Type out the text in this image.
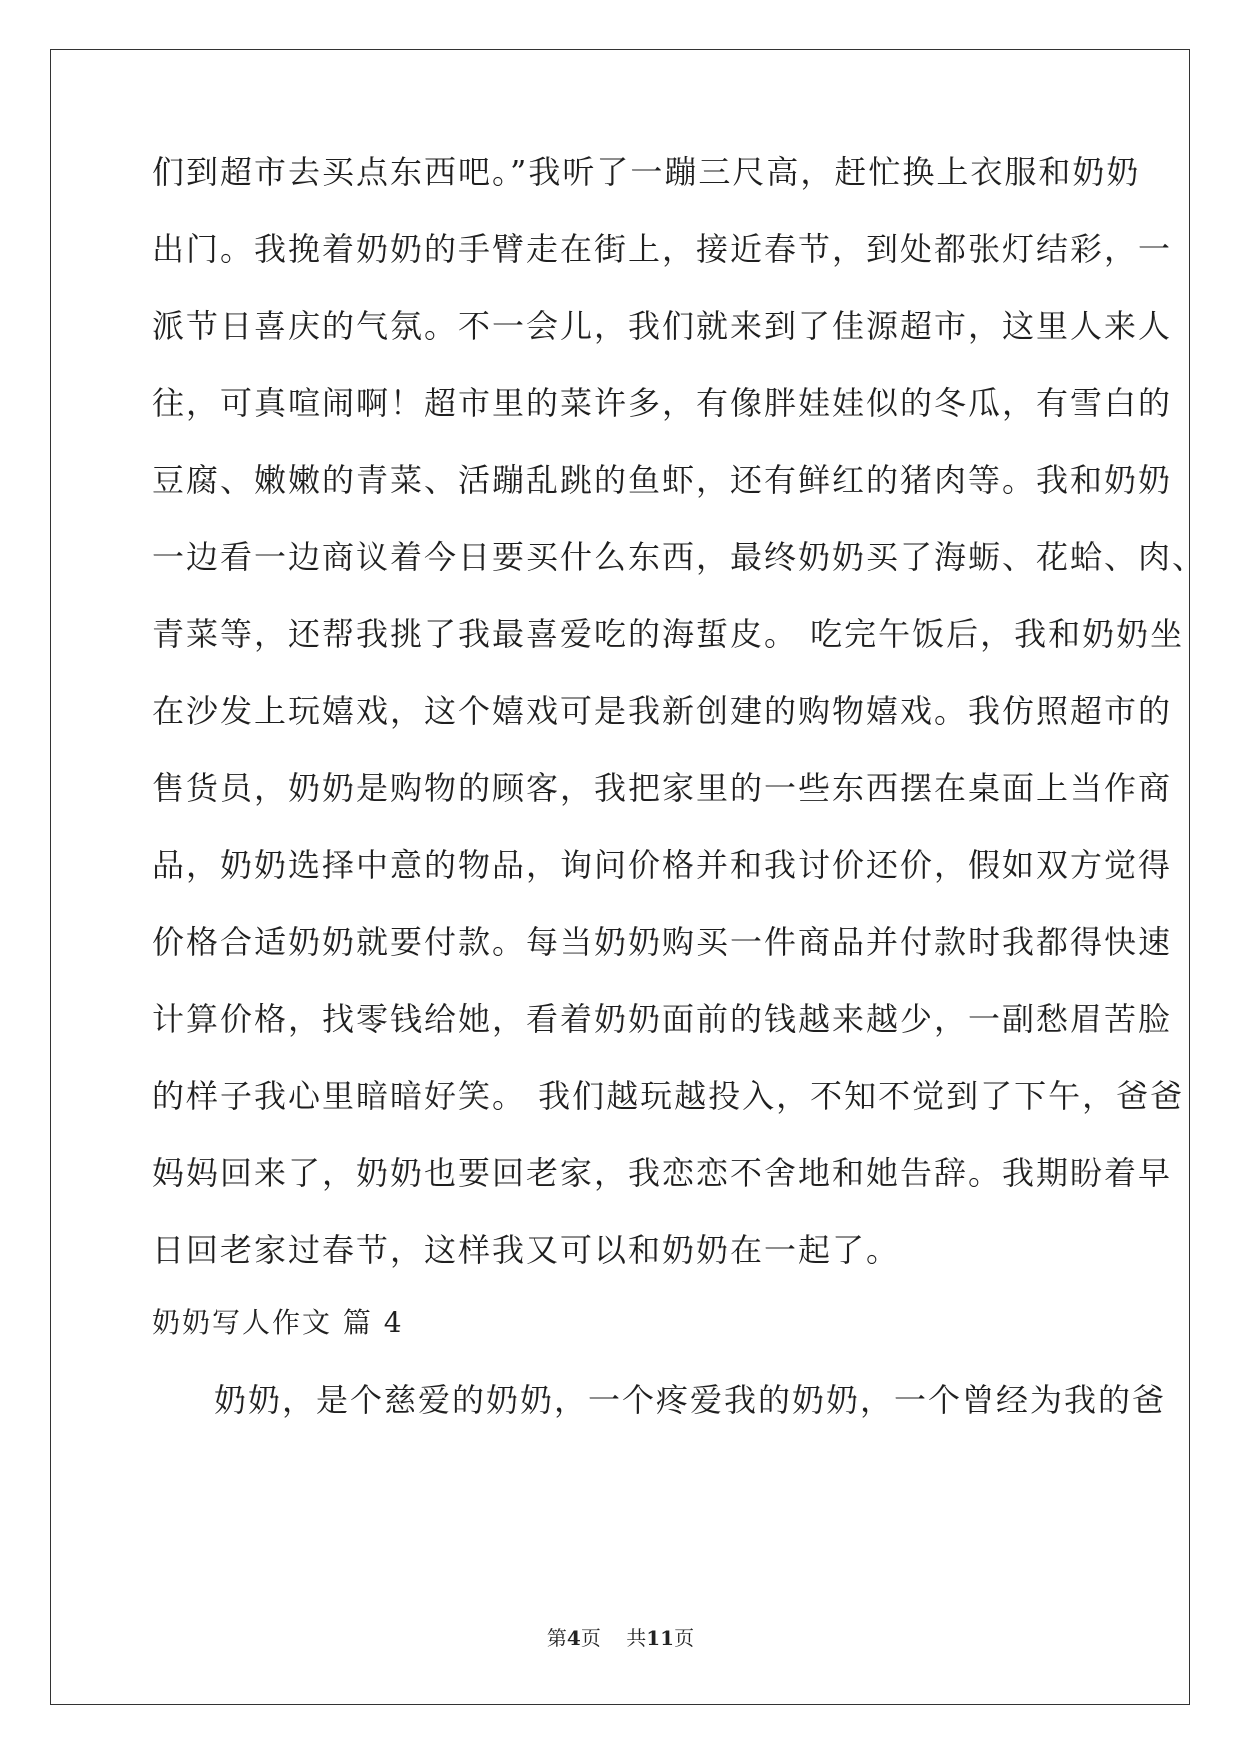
们到超市去买点东西吧。”我听了一蹦三尺高，赶忙换上衣服和奶奶
出门。我挽着奶奶的手臂走在街上，接近春节，到处都张灯结彩，一
派节日喜庆的气氛。不一会儿，我们就来到了佳源超市，这里人来人
往，可真喧闹啊！超市里的菜许多，有像胖娃娃似的冬瓜，有雪白的
豆腐、嫩嫩的青菜、活蹦乱跳的鱼虾，还有鲜红的猪肉等。我和奶奶
一边看一边商议着今日要买什么东西，最终奶奶买了海蛎、花蛤、肉、
青菜等，还帮我挑了我最喜爱吃的海蜇皮。 吃完午饭后，我和奶奶坐
在沙发上玩嬉戏，这个嬉戏可是我新创建的购物嬉戏。我仿照超市的
售货员，奶奶是购物的顾客，我把家里的一些东西摆在桌面上当作商
品，奶奶选择中意的物品，询问价格并和我讨价还价，假如双方觉得
价格合适奶奶就要付款。每当奶奶购买一件商品并付款时我都得快速
计算价格，找零钱给她，看着奶奶面前的钱越来越少，一副愁眉苦脸
的样子我心里暗暗好笑。 我们越玩越投入，不知不觉到了下午，爸爸
妈妈回来了，奶奶也要回老家，我恋恋不舍地和她告辞。我期盼着早
日回老家过春节，这样我又可以和奶奶在一起了。
奶奶写人作文 篇 4
奶奶，是个慈爱的奶奶，一个疼爱我的奶奶，一个曾经为我的爸
第4页 共11页
